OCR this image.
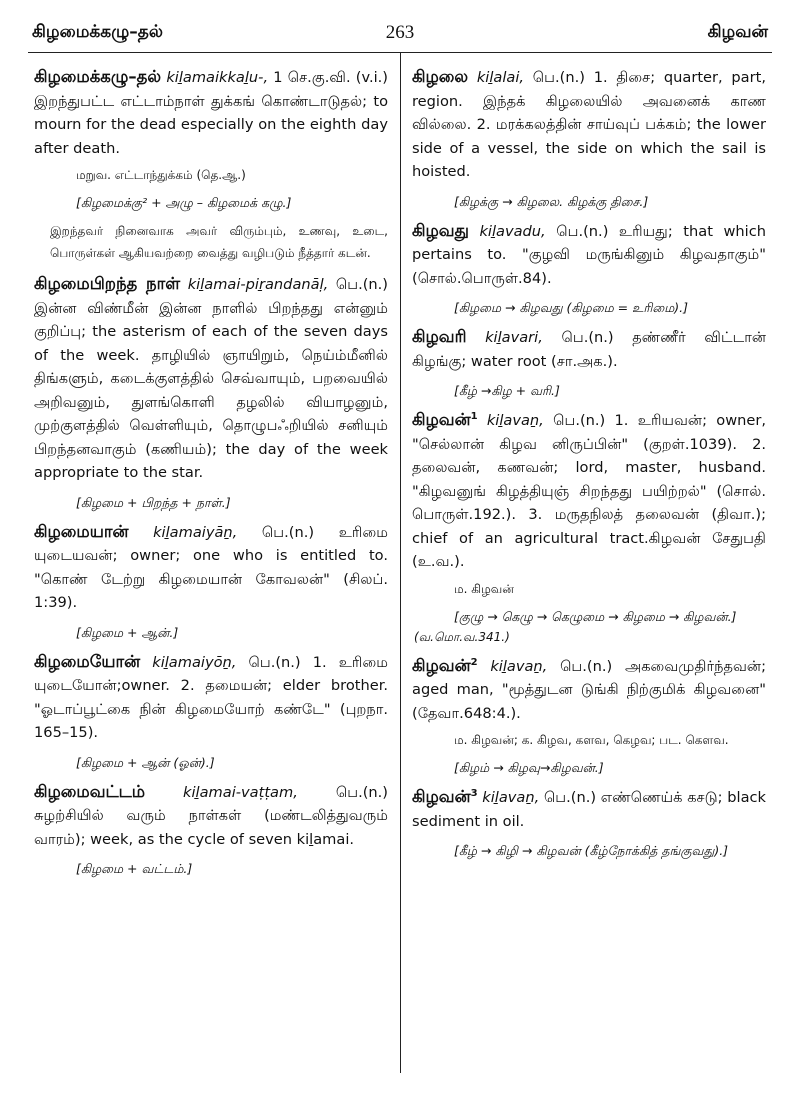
கிழமைக்கழு–தல்	263	கிழவன்

கிழமைக்கழு–தல் kiḻamaikkaḻu-, 1 செ.கு.வி. (v.i.) இறந்துபட்ட எட்டாம்நாள் துக்கங் கொண்டாடுதல்; to mourn for the dead especially on the eighth day after death.

மறுவ. எட்டாந்துக்கம் (தெ.ஆ.)
[கிழமைக்கு² + அழு – கிழமைக் கழு.]
இறந்தவர் நினைவாக அவர் விரும்பும், உணவு, உடை, பொருள்கள் ஆகியவற்றை வைத்து வழிபடும் நீத்தார் கடன்.

கிழமைபிறந்த நாள் kiḻamai-piṟandanāḷ, பெ.(n.) இன்ன விண்மீன் இன்ன நாளில் பிறந்தது என்னும் குறிப்பு; the asterism of each of the seven days of the week. தாழியில் ஞாயிறும், நெய்ம்மீனில் திங்களும், கடைக்குளத்தில் செவ்வாயும், பறவையில் அறிவனும், துளங்கொளி தழலில் வியாழனும், முற்குளத்தில் வெள்ளியும், தொழுபஃறியில் சனியும் பிறந்தனவாகும் (கணியம்); the day of the week appropriate to the star.

[கிழமை + பிறந்த + நாள்.]

கிழமையான் kiḻamaiyāṉ, பெ.(n.) உரிமை யுடையவன்; owner; one who is entitled to. "கொண் டேற்று கிழமையான் கோவலன்" (சிலப். 1:39).

[கிழமை + ஆன்.]

கிழமையோன் kiḻamaiyōṉ, பெ.(n.) 1. உரிமை யுடையோன்;owner. 2. தமையன்; elder brother. "ஓடாப்பூட்கை நின் கிழமையோற் கண்டே" (புறநா. 165–15).

[கிழமை + ஆன் (ஓன்).]

கிழமைவட்டம்	kiḻamai-vaṭṭam, பெ.(n.) சுழற்சியில் வரும் நாள்கள் (மண்டலித்துவரும் வாரம்); week, as the cycle of seven kiḻamai.

[கிழமை + வட்டம்.]

கிழலை kiḻalai, பெ.(n.) 1. திசை; quarter, part, region. இந்தக் கிழலையில் அவனைக் காண வில்லை. 2. மரக்கலத்தின் சாய்வுப் பக்கம்; the lower side of a vessel, the side on which the sail is hoisted.

[கிழக்கு → கிழலை. கிழக்கு திசை.]

கிழவது kiḻavadu, பெ.(n.) உரியது; that which pertains to. "குழவி மருங்கினும் கிழவதாகும்" (சொல்.பொருள்.84).

[கிழமை → கிழவது (கிழமை = உரிமை).]

கிழவரி kiḻavari, பெ.(n.) தண்ணீர் விட்டான் கிழங்கு; water root (சா.அக.).

[கீழ் →கிழ + வரி.]

கிழவன்$^1$ kiḻavaṉ, பெ.(n.) 1. உரியவன்; owner, "செல்லான் கிழவ னிருப்பின்" (குறள்.1039). 2. தலைவன், கணவன்; lord, master, husband. "கிழவனுங் கிழத்தியுஞ் சிறந்தது பயிற்றல்" (சொல். பொருள்.192.). 3. மருதநிலத் தலைவன் (திவா.); chief of an agricultural tract.கிழவன் சேதுபதி (உ.வ.).

ம. கிழவன்
[குழு → கெழு → கெழுமை → கிழமை → கிழவன்.]
(வ.மொ.வ.341.)

கிழவன்$^2$ kiḻavaṉ, பெ.(n.) அகவைமுதிர்ந்தவன்; aged man, "மூத்துடன டுங்கி நிற்குமிக் கிழவனை" (தேவா.648:4.).

ம. கிழவன்; க. கிழவ, களவ, கெழவ; பட. கெளவ.
[கிழம் → கிழவு→கிழவன்.]

கிழவன்$^3$ kiḻavaṉ, பெ.(n.) எண்ணெய்க் கசடு; black sediment in oil.

[கீழ் → கிழி → கிழவன் (கீழ்நோக்கித் தங்குவது).]
